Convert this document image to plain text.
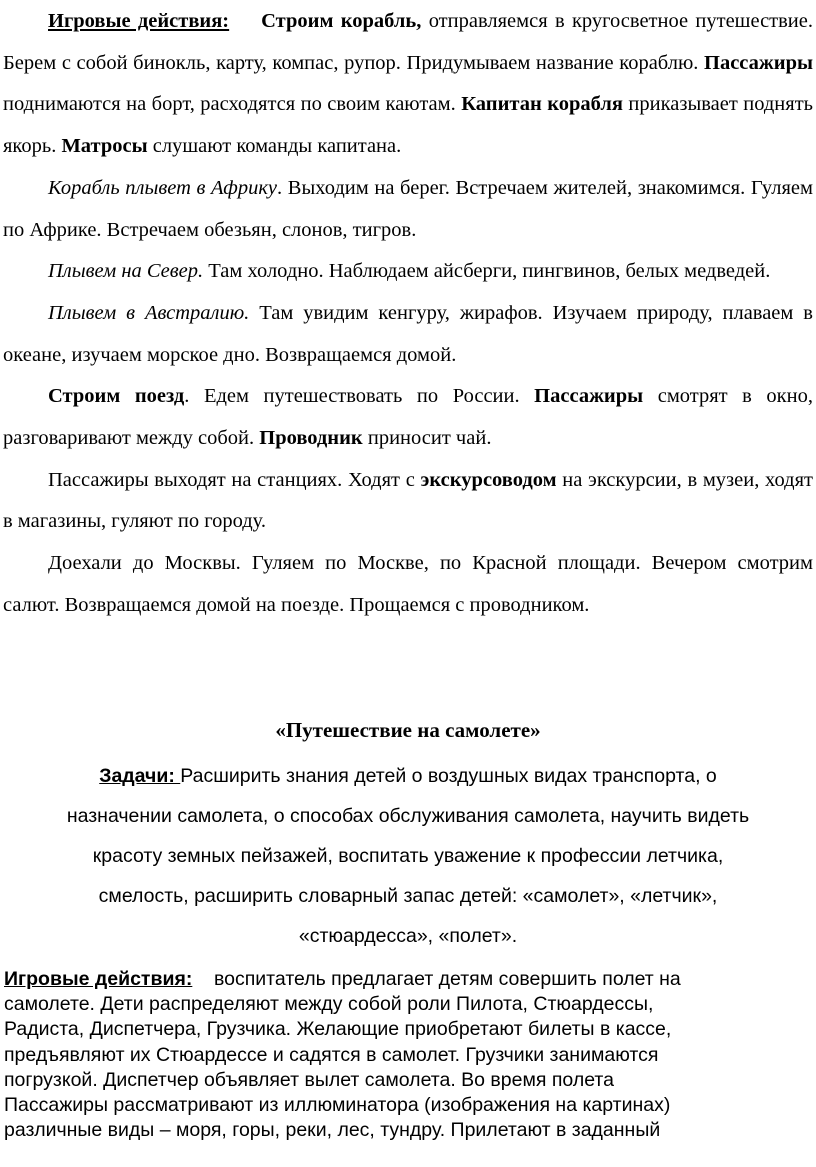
Игровые действия: Строим корабль, отправляемся в кругосветное путешествие. Берем с собой бинокль, карту, компас, рупор. Придумываем название кораблю. Пассажиры поднимаются на борт, расходятся по своим каютам. Капитан корабля приказывает поднять якорь. Матросы слушают команды капитана.

Корабль плывет в Африку. Выходим на берег. Встречаем жителей, знакомимся. Гуляем по Африке. Встречаем обезьян, слонов, тигров.

Плывем на Север. Там холодно. Наблюдаем айсберги, пингвинов, белых медведей.

Плывем в Австралию. Там увидим кенгуру, жирафов. Изучаем природу, плаваем в океане, изучаем морское дно. Возвращаемся домой.

Строим поезд. Едем путешествовать по России. Пассажиры смотрят в окно, разговаривают между собой. Проводник приносит чай.

Пассажиры выходят на станциях. Ходят с экскурсоводом на экскурсии, в музеи, ходят в магазины, гуляют по городу.

Доехали до Москвы. Гуляем по Москве, по Красной площади. Вечером смотрим салют. Возвращаемся домой на поезде. Прощаемся с проводником.

«Путешествие на самолете»
Задачи: Расширить знания детей о воздушных видах транспорта, о
назначении самолета, о способах обслуживания самолета, научить видеть
красоту земных пейзажей, воспитать уважение к профессии летчика,
смелость, расширить словарный запас детей: «самолет», «летчик»,
«стюардесса», «полет».
Игровые действия:    воспитатель предлагает детям совершить полет на
самолете. Дети распределяют между собой роли Пилота, Стюардессы,
Радиста, Диспетчера, Грузчика. Желающие приобретают билеты в кассе,
предъявляют их Стюардессе и садятся в самолет. Грузчики занимаются
погрузкой. Диспетчер объявляет вылет самолета. Во время полета
Пассажиры рассматривают из иллюминатора (изображения на картинах)
различные виды – моря, горы, реки, лес, тундру. Прилетают в заданный
